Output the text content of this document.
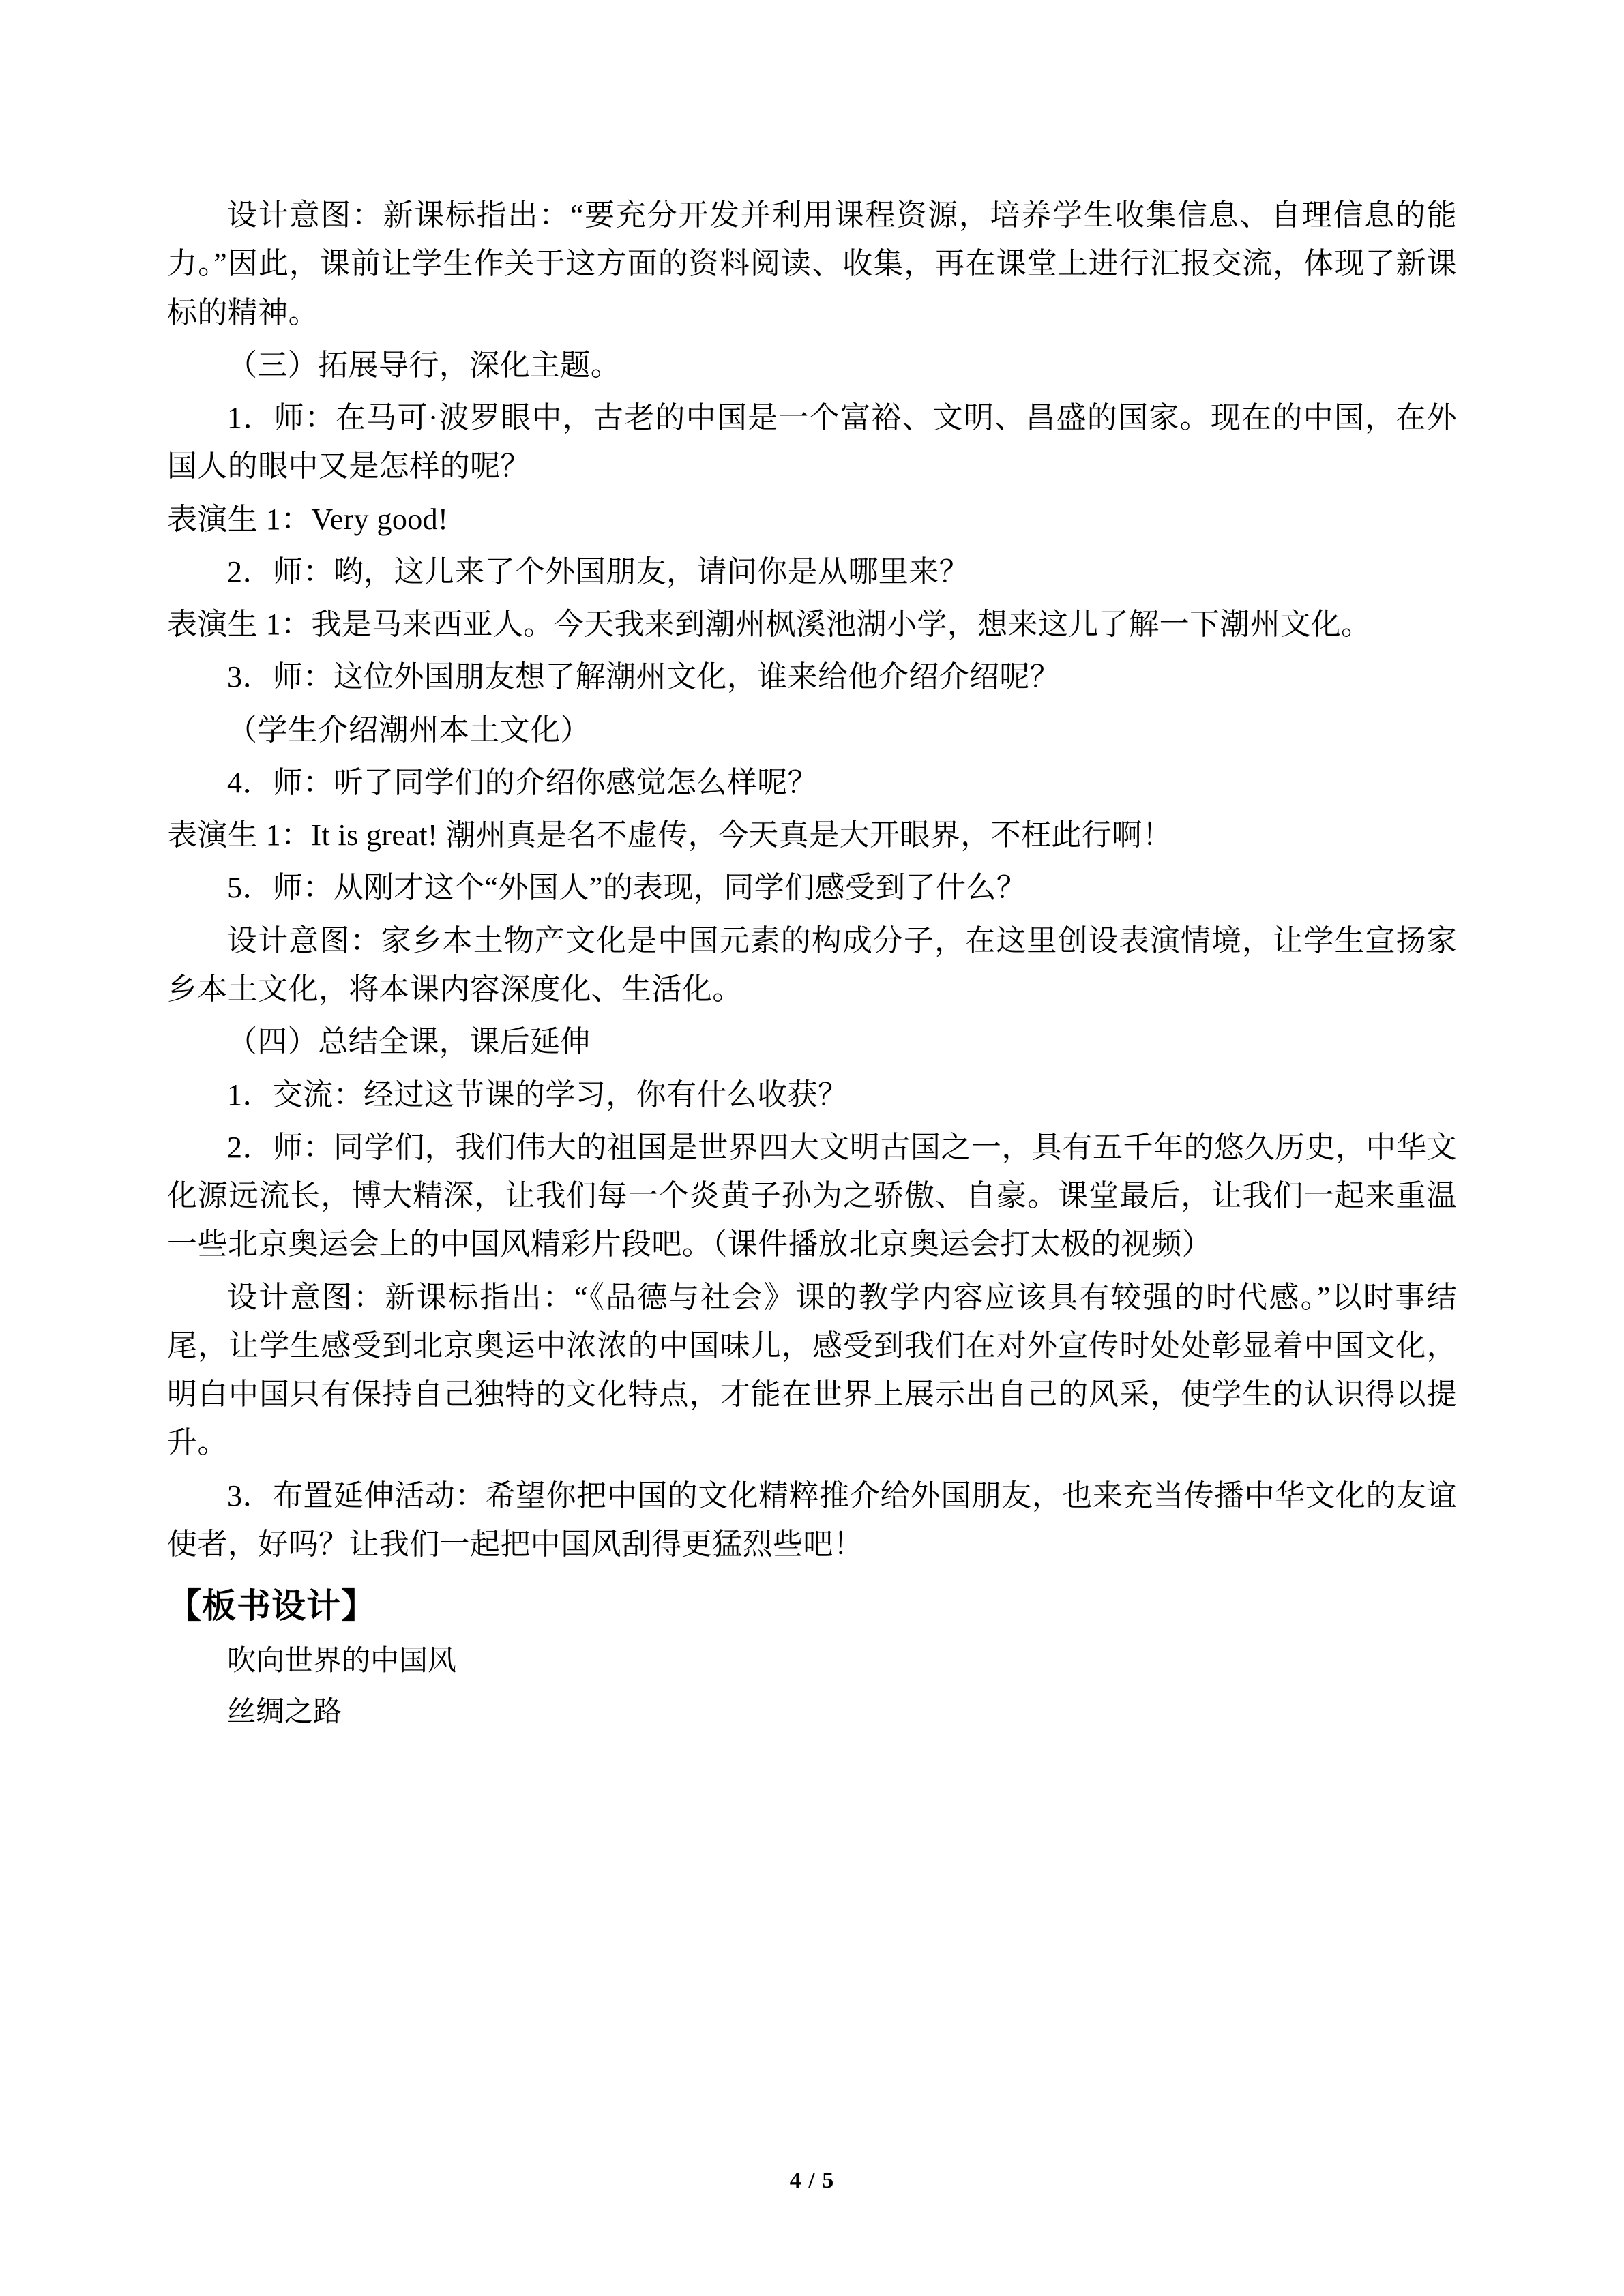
设计意图：新课标指出：“要充分开发并利用课程资源，培养学生收集信息、自理信息的能力。”因此，课前让学生作关于这方面的资料阅读、收集，再在课堂上进行汇报交流，体现了新课标的精神。

（三）拓展导行，深化主题。

1．师：在马可·波罗眼中，古老的中国是一个富裕、文明、昌盛的国家。现在的中国，在外国人的眼中又是怎样的呢？

表演生 1：Very good!

2．师：哟，这儿来了个外国朋友，请问你是从哪里来？

表演生 1：我是马来西亚人。今天我来到潮州枫溪池湖小学，想来这儿了解一下潮州文化。

3．师：这位外国朋友想了解潮州文化，谁来给他介绍介绍呢？

（学生介绍潮州本土文化）

4．师：听了同学们的介绍你感觉怎么样呢？

表演生 1：It is great! 潮州真是名不虚传，今天真是大开眼界，不枉此行啊！

5．师：从刚才这个“外国人”的表现，同学们感受到了什么？

设计意图：家乡本土物产文化是中国元素的构成分子，在这里创设表演情境，让学生宣扬家乡本土文化，将本课内容深度化、生活化。

（四）总结全课，课后延伸

1．交流：经过这节课的学习，你有什么收获？

2．师：同学们，我们伟大的祖国是世界四大文明古国之一，具有五千年的悠久历史，中华文化源远流长，博大精深，让我们每一个炎黄子孙为之骄傲、自豪。课堂最后，让我们一起来重温一些北京奥运会上的中国风精彩片段吧。（课件播放北京奥运会打太极的视频）

设计意图：新课标指出：“《品德与社会》课的教学内容应该具有较强的时代感。”以时事结尾，让学生感受到北京奥运中浓浓的中国味儿，感受到我们在对外宣传时处处彰显着中国文化，明白中国只有保持自己独特的文化特点，才能在世界上展示出自己的风采，使学生的认识得以提升。

3．布置延伸活动：希望你把中国的文化精粹推介给外国朋友，也来充当传播中华文化的友谊使者，好吗？让我们一起把中国风刮得更猛烈些吧！

【板书设计】
吹向世界的中国风
丝绸之路
4 / 5
